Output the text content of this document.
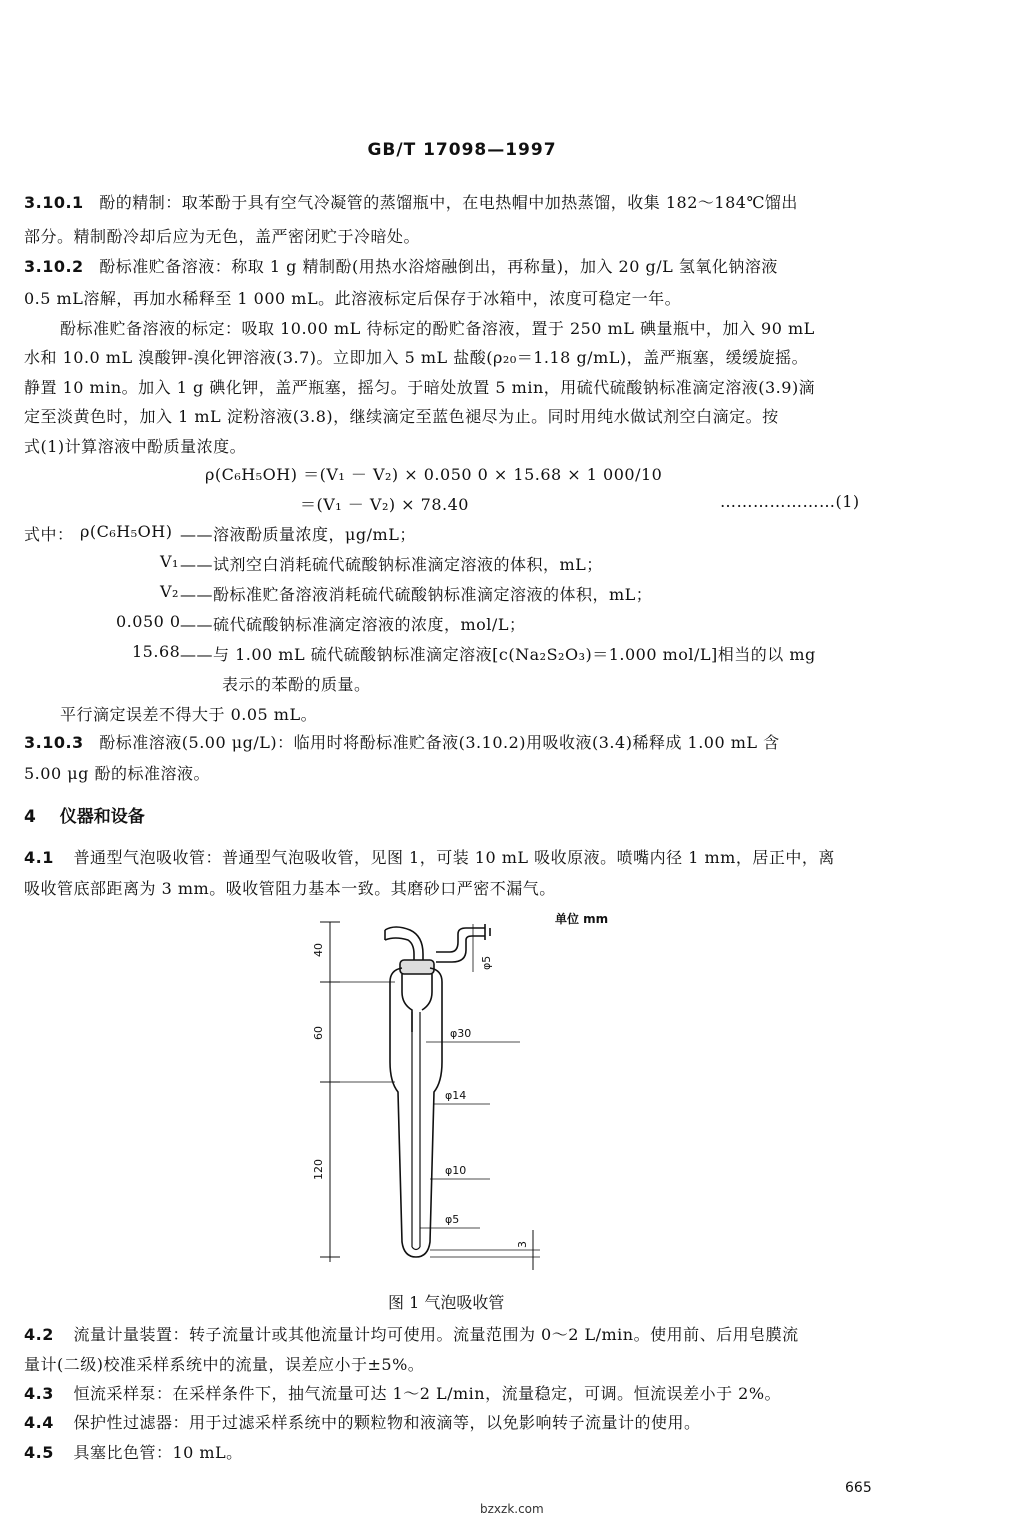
GB/T 17098—1997
3.10.1 酚的精制：取苯酚于具有空气冷凝管的蒸馏瓶中，在电热帽中加热蒸馏，收集 182～184℃馏出
部分。精制酚冷却后应为无色，盖严密闭贮于冷暗处。
3.10.2 酚标准贮备溶液：称取 1 g 精制酚(用热水浴熔融倒出，再称量)，加入 20 g/L 氢氧化钠溶液
0.5 mL溶解，再加水稀释至 1 000 mL。此溶液标定后保存于冰箱中，浓度可稳定一年。
酚标准贮备溶液的标定：吸取 10.00 mL 待标定的酚贮备溶液，置于 250 mL 碘量瓶中，加入 90 mL
水和 10.0 mL 溴酸钾-溴化钾溶液(3.7)。立即加入 5 mL 盐酸(ρ₂₀＝1.18 g/mL)，盖严瓶塞，缓缓旋摇。
静置 10 min。加入 1 g 碘化钾，盖严瓶塞，摇匀。于暗处放置 5 min，用硫代硫酸钠标准滴定溶液(3.9)滴
定至淡黄色时，加入 1 mL 淀粉溶液(3.8)，继续滴定至蓝色褪尽为止。同时用纯水做试剂空白滴定。按
式(1)计算溶液中酚质量浓度。
ρ(C₆H₅OH) ＝(V₁ － V₂) × 0.050 0 × 15.68 × 1 000/10
＝(V₁ － V₂) × 78.40	…………………(1)
式中： ρ(C₆H₅OH) ——溶液酚质量浓度，μg/mL；
V₁ ——试剂空白消耗硫代硫酸钠标准滴定溶液的体积，mL；
V₂ ——酚标准贮备溶液消耗硫代硫酸钠标准滴定溶液的体积，mL；
0.050 0 ——硫代硫酸钠标准滴定溶液的浓度，mol/L；
15.68 ——与 1.00 mL 硫代硫酸钠标准滴定溶液[c(Na₂S₂O₃)＝1.000 mol/L]相当的以 mg
表示的苯酚的质量。
平行滴定误差不得大于 0.05 mL。
3.10.3 酚标准溶液(5.00 μg/L)：临用时将酚标准贮备液(3.10.2)用吸收液(3.4)稀释成 1.00 mL 含
5.00 μg 酚的标准溶液。
4 仪器和设备
4.1 普通型气泡吸收管：普通型气泡吸收管，见图 1，可装 10 mL 吸收原液。喷嘴内径 1 mm，居正中，离
吸收管底部距离为 3 mm。吸收管阻力基本一致。其磨砂口严密不漏气。
单位 mm
40
60
120
3
φ5
φ30
φ14
φ10
φ5
图 1 气泡吸收管
4.2 流量计量装置：转子流量计或其他流量计均可使用。流量范围为 0～2 L/min。使用前、后用皂膜流
量计(二级)校准采样系统中的流量，误差应小于±5%。
4.3 恒流采样泵：在采样条件下，抽气流量可达 1～2 L/min，流量稳定，可调。恒流误差小于 2%。
4.4 保护性过滤器：用于过滤采样系统中的颗粒物和液滴等，以免影响转子流量计的使用。
4.5 具塞比色管：10 mL。
665
bzxzk.com
